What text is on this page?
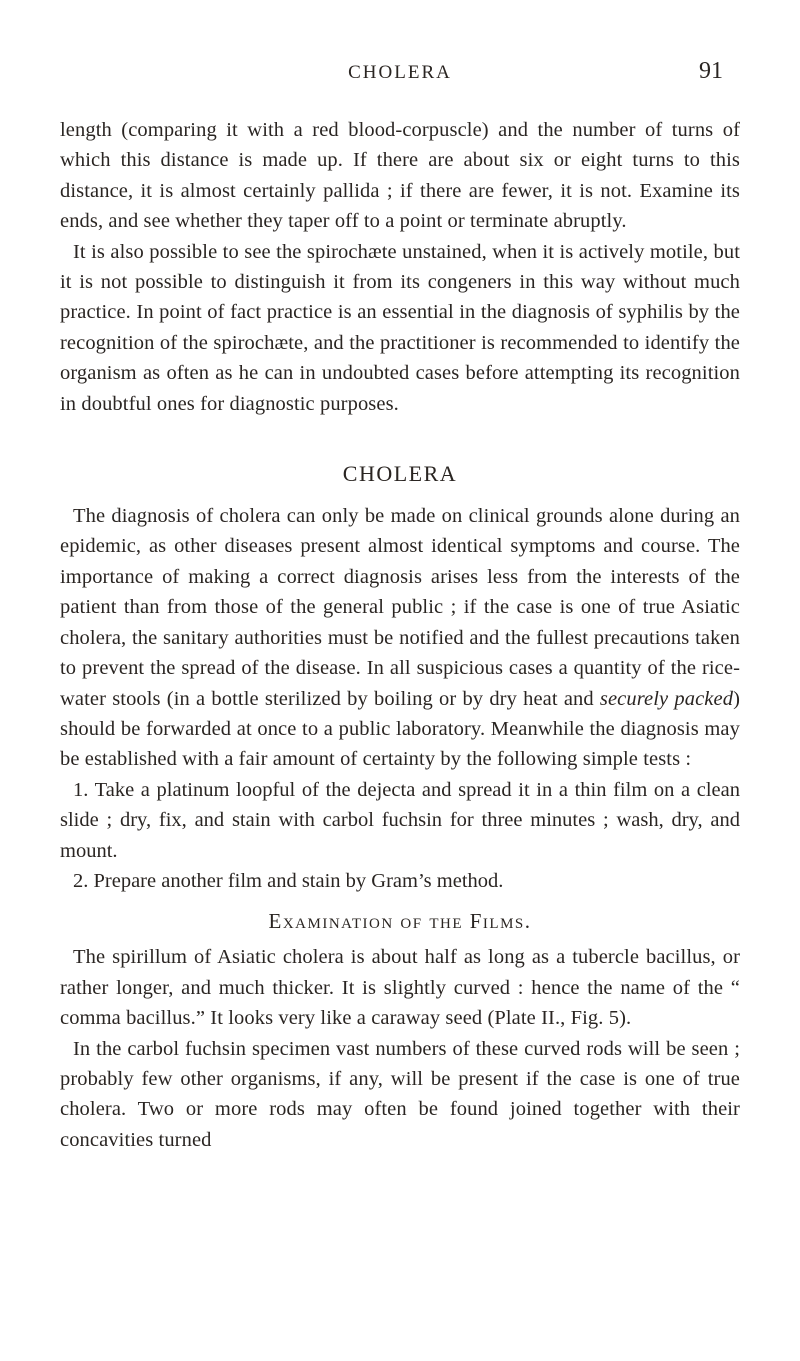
CHOLERA	91

length (comparing it with a red blood-corpuscle) and the number of turns of which this distance is made up. If there are about six or eight turns to this distance, it is almost certainly pallida ; if there are fewer, it is not. Examine its ends, and see whether they taper off to a point or terminate abruptly.

It is also possible to see the spirochæte unstained, when it is actively motile, but it is not possible to distinguish it from its congeners in this way without much practice. In point of fact practice is an essential in the diagnosis of syphilis by the recognition of the spirochæte, and the practitioner is recommended to identify the organism as often as he can in undoubted cases before attempting its recognition in doubtful ones for diagnostic purposes.

CHOLERA

The diagnosis of cholera can only be made on clinical grounds alone during an epidemic, as other diseases present almost identical symptoms and course. The importance of making a correct diagnosis arises less from the interests of the patient than from those of the general public ; if the case is one of true Asiatic cholera, the sanitary authorities must be notified and the fullest precautions taken to prevent the spread of the disease. In all suspicious cases a quantity of the rice-water stools (in a bottle sterilized by boiling or by dry heat and securely packed) should be forwarded at once to a public laboratory. Meanwhile the diagnosis may be established with a fair amount of certainty by the following simple tests :

1. Take a platinum loopful of the dejecta and spread it in a thin film on a clean slide ; dry, fix, and stain with carbol fuchsin for three minutes ; wash, dry, and mount.

2. Prepare another film and stain by Gram’s method.

Examination of the Films.

The spirillum of Asiatic cholera is about half as long as a tubercle bacillus, or rather longer, and much thicker. It is slightly curved : hence the name of the “ comma bacillus.” It looks very like a caraway seed (Plate II., Fig. 5).

In the carbol fuchsin specimen vast numbers of these curved rods will be seen ; probably few other organisms, if any, will be present if the case is one of true cholera. Two or more rods may often be found joined together with their concavities turned
